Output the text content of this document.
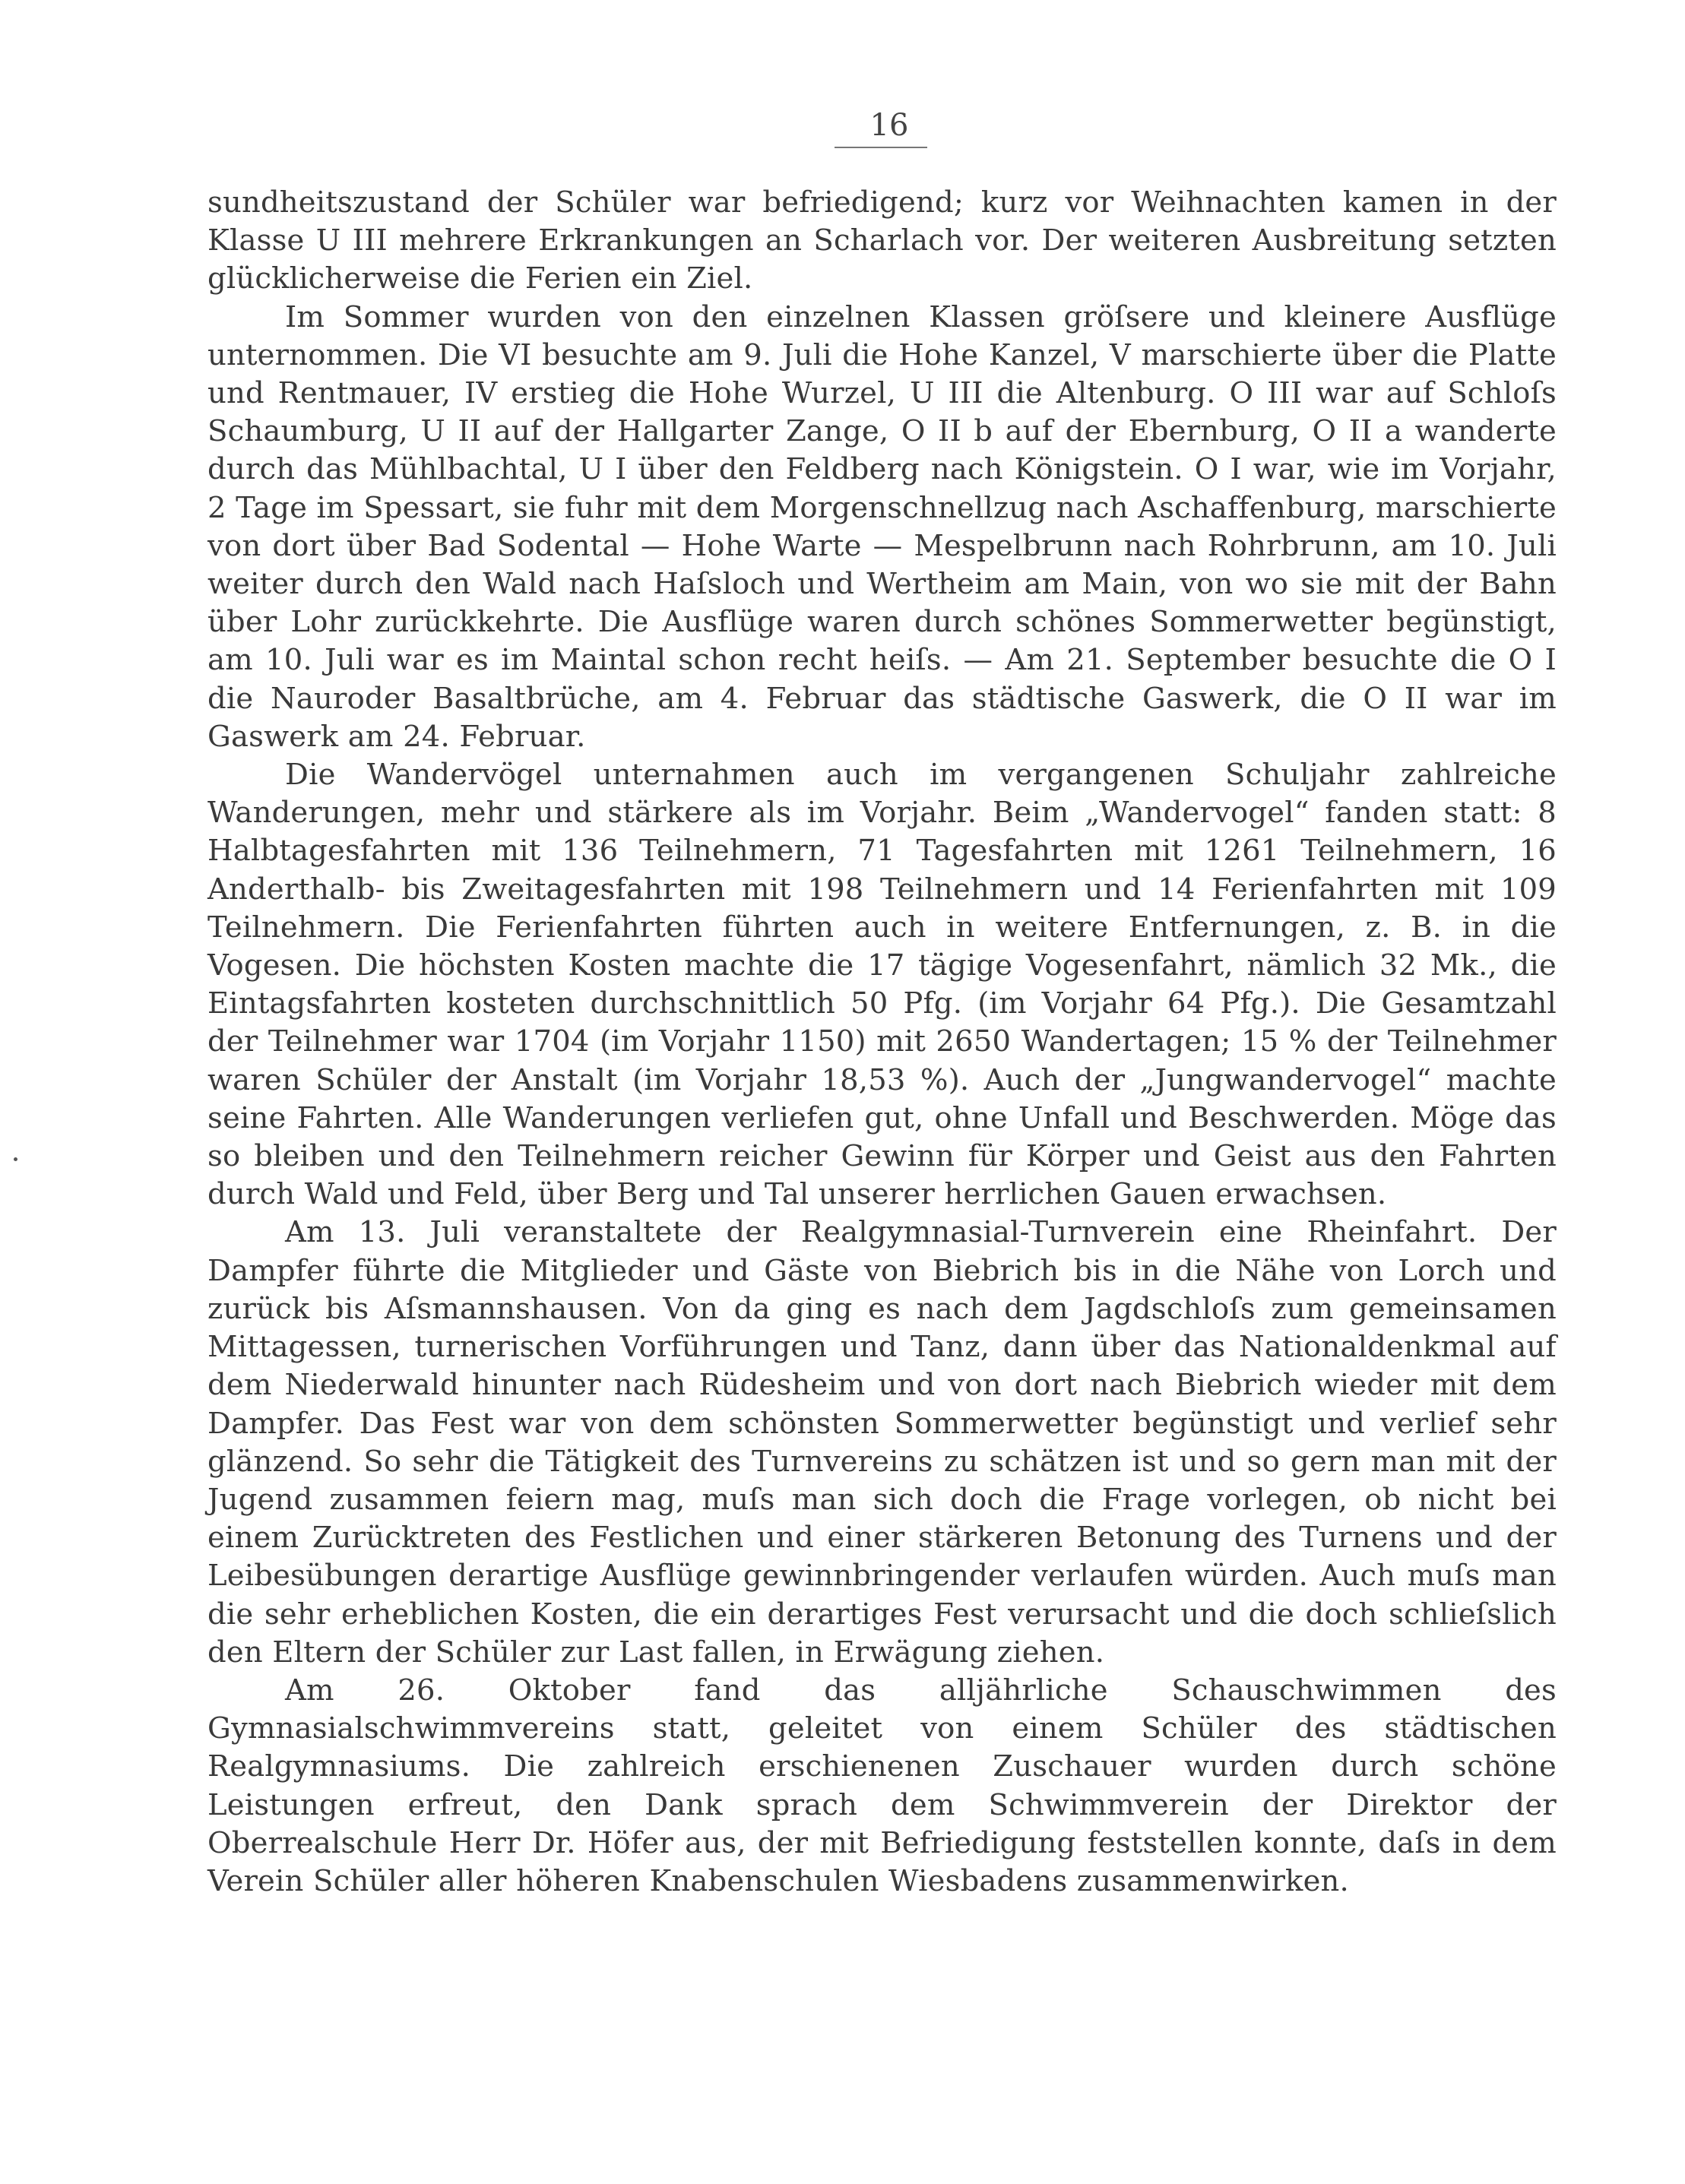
16

sundheitszustand der Schüler war befriedigend; kurz vor Weihnachten kamen in der Klasse U III mehrere Erkrankungen an Scharlach vor. Der weiteren Ausbreitung setzten glücklicherweise die Ferien ein Ziel.

Im Sommer wurden von den einzelnen Klassen gröſsere und kleinere Ausflüge unternommen. Die VI besuchte am 9. Juli die Hohe Kanzel, V marschierte über die Platte und Rentmauer, IV erstieg die Hohe Wurzel, U III die Altenburg. O III war auf Schloſs Schaumburg, U II auf der Hallgarter Zange, O II b auf der Ebernburg, O II a wanderte durch das Mühlbachtal, U I über den Feldberg nach Königstein. O I war, wie im Vorjahr, 2 Tage im Spessart, sie fuhr mit dem Morgenschnellzug nach Aschaffenburg, marschierte von dort über Bad Sodental — Hohe Warte — Mespelbrunn nach Rohrbrunn, am 10. Juli weiter durch den Wald nach Haſsloch und Wertheim am Main, von wo sie mit der Bahn über Lohr zurückkehrte. Die Ausflüge waren durch schönes Sommerwetter begünstigt, am 10. Juli war es im Maintal schon recht heiſs. — Am 21. September besuchte die O I die Nauroder Basaltbrüche, am 4. Februar das städtische Gaswerk, die O II war im Gaswerk am 24. Februar.

Die Wandervögel unternahmen auch im vergangenen Schuljahr zahlreiche Wanderungen, mehr und stärkere als im Vorjahr. Beim „Wandervogel“ fanden statt: 8 Halbtagesfahrten mit 136 Teilnehmern, 71 Tagesfahrten mit 1261 Teilnehmern, 16 Anderthalb- bis Zweitagesfahrten mit 198 Teilnehmern und 14 Ferienfahrten mit 109 Teilnehmern. Die Ferienfahrten führten auch in weitere Entfernungen, z. B. in die Vogesen. Die höchsten Kosten machte die 17 tägige Vogesenfahrt, nämlich 32 Mk., die Eintagsfahrten kosteten durchschnittlich 50 Pfg. (im Vorjahr 64 Pfg.). Die Gesamtzahl der Teilnehmer war 1704 (im Vorjahr 1150) mit 2650 Wandertagen; 15 % der Teilnehmer waren Schüler der Anstalt (im Vorjahr 18,53 %). Auch der „Jungwandervogel“ machte seine Fahrten. Alle Wanderungen verliefen gut, ohne Unfall und Beschwerden. Möge das so bleiben und den Teilnehmern reicher Gewinn für Körper und Geist aus den Fahrten durch Wald und Feld, über Berg und Tal unserer herrlichen Gauen erwachsen.

Am 13. Juli veranstaltete der Realgymnasial-Turnverein eine Rheinfahrt. Der Dampfer führte die Mitglieder und Gäste von Biebrich bis in die Nähe von Lorch und zurück bis Aſsmannshausen. Von da ging es nach dem Jagdschloſs zum gemeinsamen Mittagessen, turnerischen Vorführungen und Tanz, dann über das Nationaldenkmal auf dem Niederwald hinunter nach Rüdesheim und von dort nach Biebrich wieder mit dem Dampfer. Das Fest war von dem schönsten Sommerwetter begünstigt und verlief sehr glänzend. So sehr die Tätigkeit des Turnvereins zu schätzen ist und so gern man mit der Jugend zusammen feiern mag, muſs man sich doch die Frage vorlegen, ob nicht bei einem Zurücktreten des Festlichen und einer stärkeren Betonung des Turnens und der Leibesübungen derartige Ausflüge gewinnbringender verlaufen würden. Auch muſs man die sehr erheblichen Kosten, die ein derartiges Fest verursacht und die doch schlieſslich den Eltern der Schüler zur Last fallen, in Erwägung ziehen.

Am 26. Oktober fand das alljährliche Schauschwimmen des Gymnasialschwimmvereins statt, geleitet von einem Schüler des städtischen Realgymnasiums. Die zahlreich erschienenen Zuschauer wurden durch schöne Leistungen erfreut, den Dank sprach dem Schwimmverein der Direktor der Oberrealschule Herr Dr. Höfer aus, der mit Befriedigung feststellen konnte, daſs in dem Verein Schüler aller höheren Knabenschulen Wiesbadens zusammenwirken.
